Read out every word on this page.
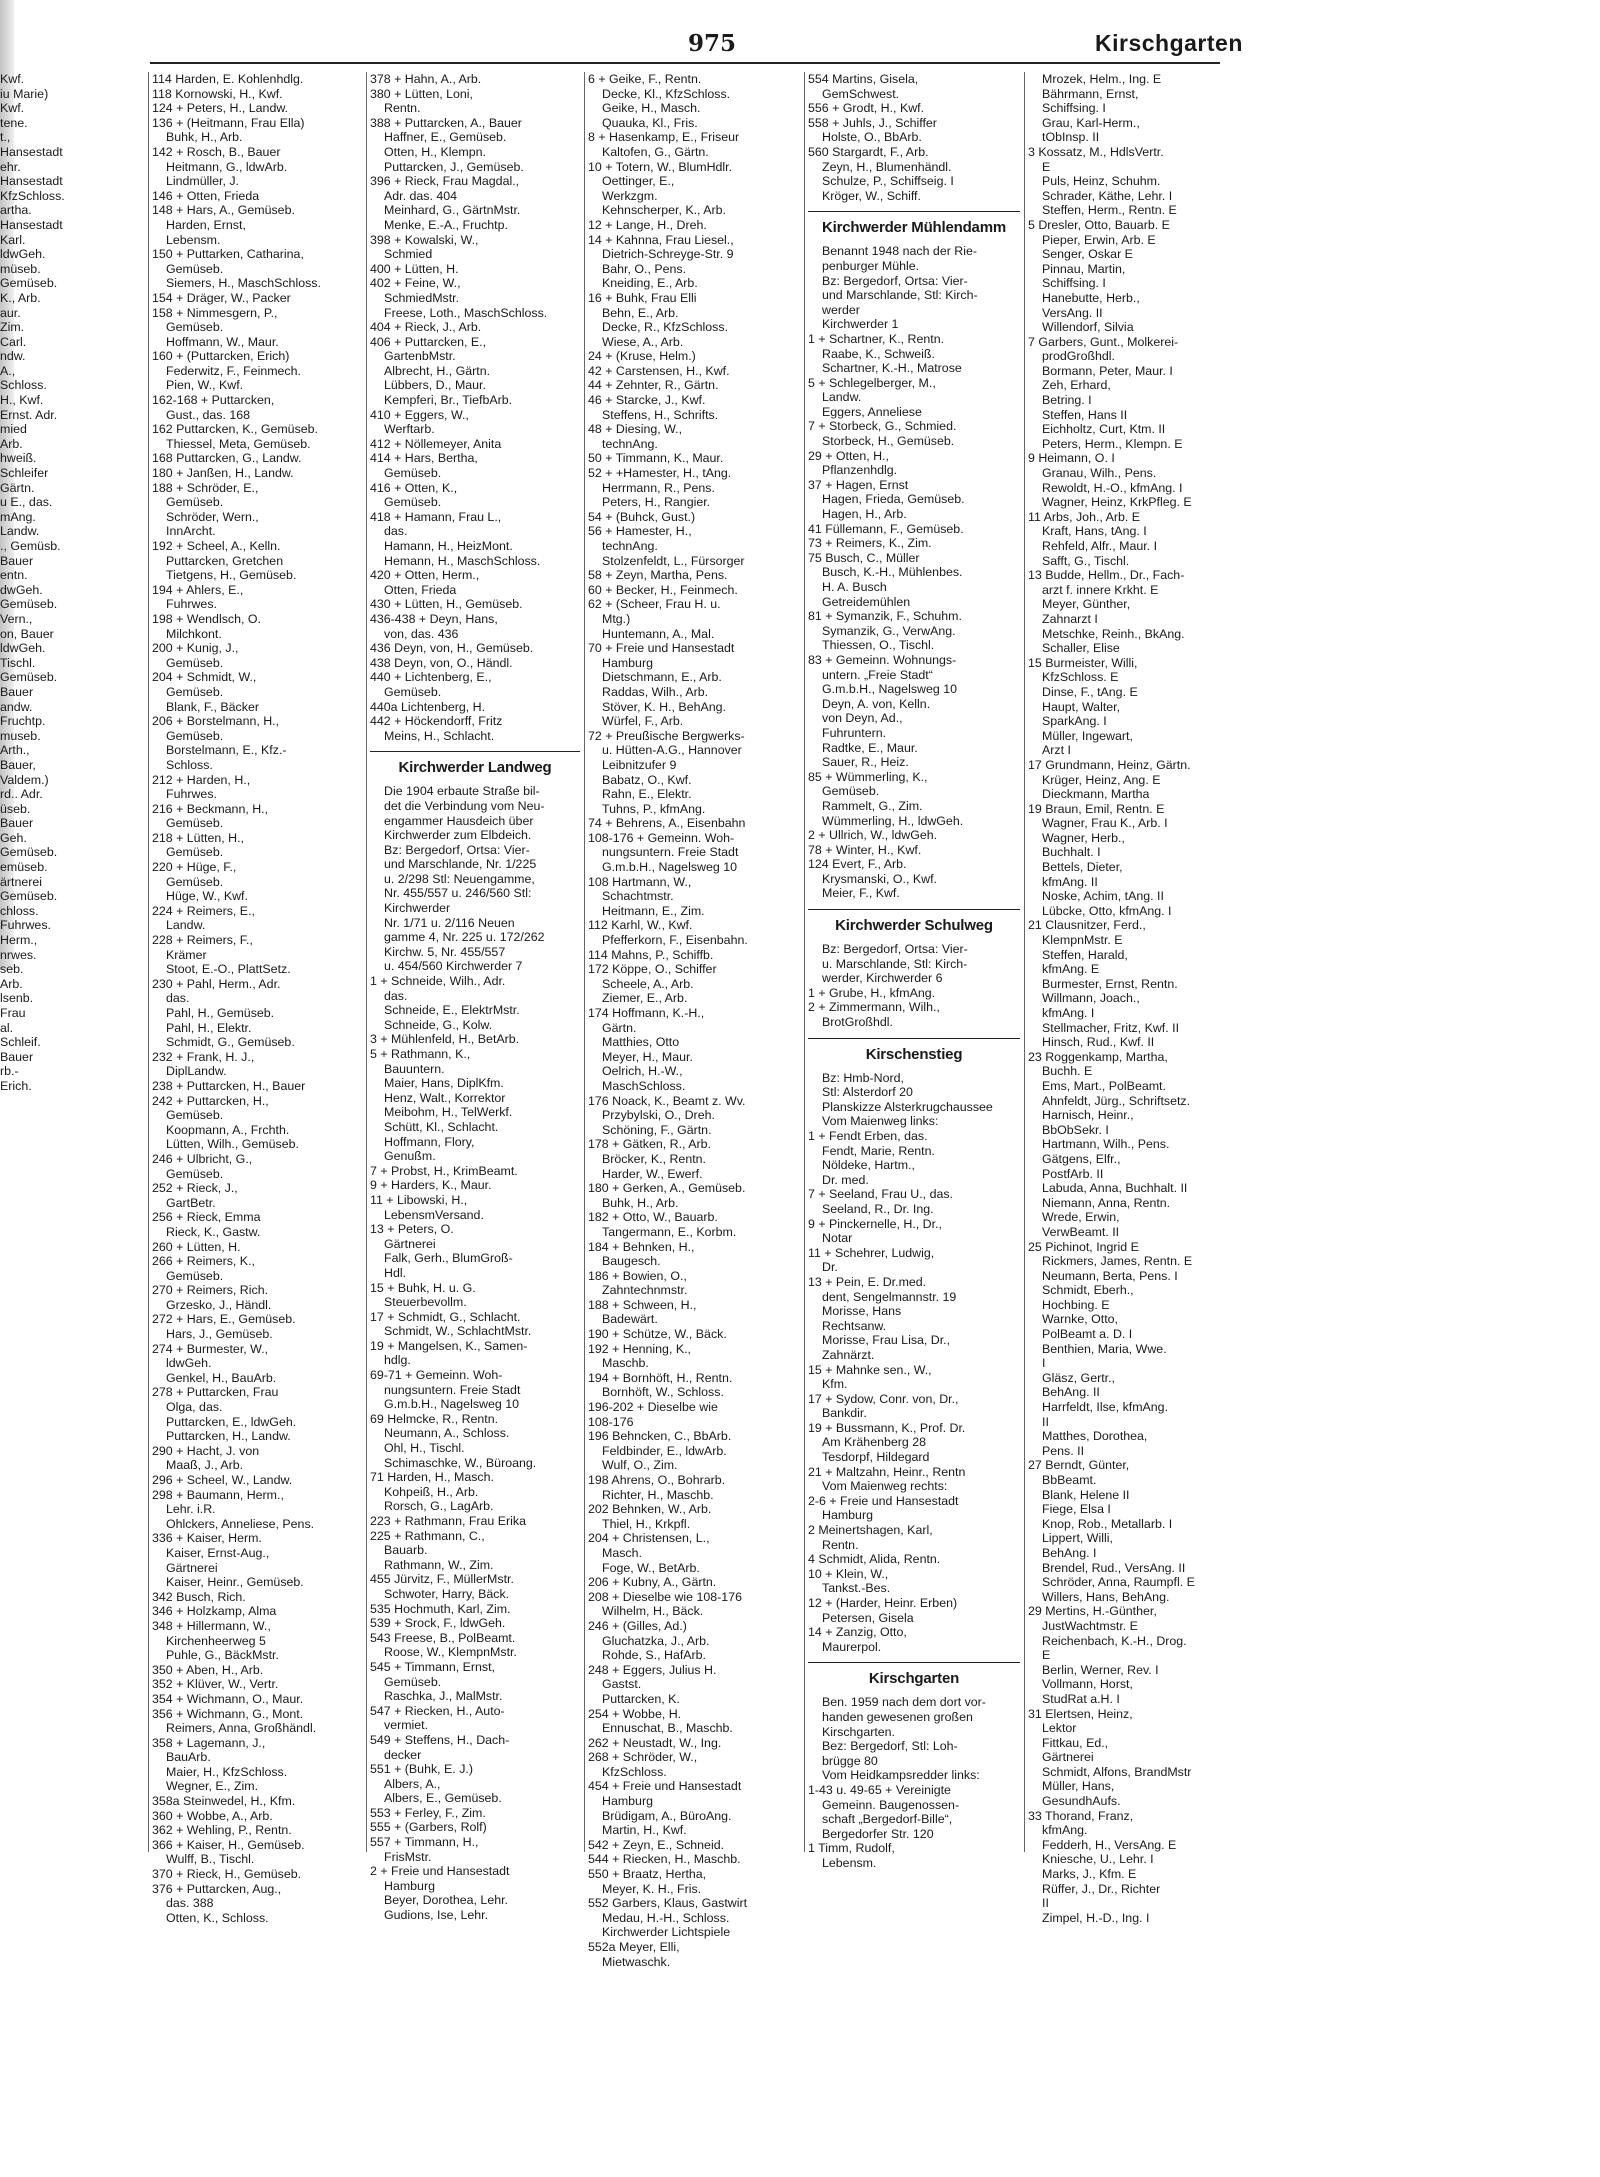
975	Kirschgarten
Kwf.
iu Marie)
Kwf.
tene.
t.,
Hansestadt
ehr.
Hansestadt
KfzSchloss.
artha.
Hansestadt
Karl.
ldwGeh.
müseb.
Gemüseb.
K., Arb.
aur.
Zim.
Carl.
ndw.
A.,
Schloss.
H., Kwf.
Ernst. Adr.
mied
Arb.
hweiß.
Schleifer
Gärtn.
u E., das.
mAng.
Landw.
., Gemüsb.
Bauer
entn.
dwGeh.
Gemüseb.
Vern.,
on, Bauer
ldwGeh.
Tischl.
Gemüseb.
Bauer
andw.
Fruchtp.
museb.
Arth.,
Bauer,
Valdem.)
rd.. Adr.
üseb.
Bauer
Geh.
Gemüseb.
emüseb.
ärtnerei
Gemüseb.
chloss.
Fuhrwes.
Herm.,
nrwes.
seb.
Arb.
lsenb.
Frau
al.
Schleif.
Bauer
rb.-
Erich.
114 Harden, E. Kohlenhdlg.
118 Kornowski, H., Kwf.
124 + Peters, H., Landw.
136 + (Heitmann, Frau Ella)
Buhk, H., Arb.
142 + Rosch, B., Bauer
Heitmann, G., ldwArb.
Lindmüller, J.
146 + Otten, Frieda
148 + Hars, A., Gemüseb.
Harden, Ernst,
Lebensm.
150 + Puttarken, Catharina,
Gemüseb.
Siemers, H., MaschSchloss.
154 + Dräger, W., Packer
158 + Nimmesgern, P.,
Gemüseb.
Hoffmann, W., Maur.
160 + (Puttarcken, Erich)
Federwitz, F., Feinmech.
Pien, W., Kwf.
162-168 + Puttarcken,
Gust., das. 168
162 Puttarcken, K., Gemüseb.
Thiessel, Meta, Gemüseb.
168 Puttarcken, G., Landw.
180 + Janßen, H., Landw.
188 + Schröder, E.,
Gemüseb.
Schröder, Wern.,
InnArcht.
192 + Scheel, A., Kelln.
Puttarcken, Gretchen
Tietgens, H., Gemüseb.
194 + Ahlers, E.,
Fuhrwes.
198 + Wendlsch, O.
Milchkont.
200 + Kunig, J.,
Gemüseb.
204 + Schmidt, W.,
Gemüseb.
Blank, F., Bäcker
206 + Borstelmann, H.,
Gemüseb.
Borstelmann, E., Kfz.-
Schloss.
212 + Harden, H.,
Fuhrwes.
216 + Beckmann, H.,
Gemüseb.
218 + Lütten, H.,
Gemüseb.
220 + Hüge, F.,
Gemüseb.
Hüge, W., Kwf.
224 + Reimers, E.,
Landw.
228 + Reimers, F.,
Krämer
Stoot, E.-O., PlattSetz.
230 + Pahl, Herm., Adr.
das.
Pahl, H., Gemüseb.
Pahl, H., Elektr.
Schmidt, G., Gemüseb.
232 + Frank, H. J.,
DiplLandw.
238 + Puttarcken, H., Bauer
242 + Puttarcken, H.,
Gemüseb.
Koopmann, A., Frchth.
Lütten, Wilh., Gemüseb.
246 + Ulbricht, G.,
Gemüseb.
252 + Rieck, J.,
GartBetr.
256 + Rieck, Emma
Rieck, K., Gastw.
260 + Lütten, H.
266 + Reimers, K.,
Gemüseb.
270 + Reimers, Rich.
Grzesko, J., Händl.
272 + Hars, E., Gemüseb.
Hars, J., Gemüseb.
274 + Burmester, W.,
ldwGeh.
Genkel, H., BauArb.
278 + Puttarcken, Frau
Olga, das.
Puttarcken, E., ldwGeh.
Puttarcken, H., Landw.
290 + Hacht, J. von
Maaß, J., Arb.
296 + Scheel, W., Landw.
298 + Baumann, Herm.,
Lehr. i.R.
Ohlckers, Anneliese, Pens.
336 + Kaiser, Herm.
Kaiser, Ernst-Aug.,
Gärtnerei
Kaiser, Heinr., Gemüseb.
342 Busch, Rich.
346 + Holzkamp, Alma
348 + Hillermann, W.,
Kirchenheerweg 5
Puhle, G., BäckMstr.
350 + Aben, H., Arb.
352 + Klüver, W., Vertr.
354 + Wichmann, O., Maur.
356 + Wichmann, G., Mont.
Reimers, Anna, Großhändl.
358 + Lagemann, J.,
BauArb.
Maier, H., KfzSchloss.
Wegner, E., Zim.
358a Steinwedel, H., Kfm.
360 + Wobbe, A., Arb.
362 + Wehling, P., Rentn.
366 + Kaiser, H., Gemüseb.
Wulff, B., Tischl.
370 + Rieck, H., Gemüseb.
376 + Puttarcken, Aug.,
das. 388
Otten, K., Schloss.
378 + Hahn, A., Arb.
380 + Lütten, Loni,
Rentn.
388 + Puttarcken, A., Bauer
Haffner, E., Gemüseb.
Otten, H., Klempn.
Puttarcken, J., Gemüseb.
396 + Rieck, Frau Magdal.,
Adr. das. 404
Meinhard, G., GärtnMstr.
Menke, E.-A., Fruchtp.
398 + Kowalski, W.,
Schmied
400 + Lütten, H.
402 + Feine, W.,
SchmiedMstr.
Freese, Loth., MaschSchloss.
404 + Rieck, J., Arb.
406 + Puttarcken, E.,
GartenbMstr.
Albrecht, H., Gärtn.
Lübbers, D., Maur.
Kempferi, Br., TiefbArb.
410 + Eggers, W.,
Werftarb.
412 + Nöllemeyer, Anita
414 + Hars, Bertha,
Gemüseb.
416 + Otten, K.,
Gemüseb.
418 + Hamann, Frau L.,
das.
Hamann, H., HeizMont.
Hemann, H., MaschSchloss.
420 + Otten, Herm.,
Otten, Frieda
430 + Lütten, H., Gemüseb.
436-438 + Deyn, Hans,
von, das. 436
436 Deyn, von, H., Gemüseb.
438 Deyn, von, O., Händl.
440 + Lichtenberg, E.,
Gemüseb.
440a Lichtenberg, H.
442 + Höckendorff, Fritz
Meins, H., Schlacht.
Kirchwerder Landweg
Die 1904 erbaute Straße bil-
det die Verbindung vom Neu-
engammer Hausdeich über
Kirchwerder zum Elbdeich.
Bz: Bergedorf, Ortsa: Vier-
und Marschlande, Nr. 1/225
u. 2/298 Stl: Neuengamme,
Nr. 455/557 u. 246/560 Stl:
Kirchwerder
Nr. 1/71 u. 2/116 Neuen
gamme 4, Nr. 225 u. 172/262
Kirchw. 5, Nr. 455/557
u. 454/560 Kirchwerder 7
1 + Schneide, Wilh., Adr.
das.
Schneide, E., ElektrMstr.
Schneide, G., Kolw.
3 + Mühlenfeld, H., BetArb.
5 + Rathmann, K.,
Bauuntern.
Maier, Hans, DiplKfm.
Henz, Walt., Korrektor
Meibohm, H., TelWerkf.
Schütt, Kl., Schlacht.
Hoffmann, Flory,
Genußm.
7 + Probst, H., KrimBeamt.
9 + Harders, K., Maur.
11 + Libowski, H.,
LebensmVersand.
13 + Peters, O.
Gärtnerei
Falk, Gerh., BlumGroß-
Hdl.
15 + Buhk, H. u. G.
Steuerbevollm.
17 + Schmidt, G., Schlacht.
Schmidt, W., SchlachtMstr.
19 + Mangelsen, K., Samen-
hdlg.
69-71 + Gemeinn. Woh-
nungsuntern. Freie Stadt
G.m.b.H., Nagelsweg 10
69 Helmcke, R., Rentn.
Neumann, A., Schloss.
Ohl, H., Tischl.
Schimaschke, W., Büroang.
71 Harden, H., Masch.
Kohpeiß, H., Arb.
Rorsch, G., LagArb.
223 + Rathmann, Frau Erika
225 + Rathmann, C.,
Bauarb.
Rathmann, W., Zim.
455 Jürvitz, F., MüllerMstr.
Schwoter, Harry, Bäck.
535 Hochmuth, Karl, Zim.
539 + Srock, F., ldwGeh.
543 Freese, B., PolBeamt.
Roose, W., KlempnMstr.
545 + Timmann, Ernst,
Gemüseb.
Raschka, J., MalMstr.
547 + Riecken, H., Auto-
vermiet.
549 + Steffens, H., Dach-
decker
551 + (Buhk, E. J.)
Albers, A.,
Albers, E., Gemüseb.
553 + Ferley, F., Zim.
555 + (Garbers, Rolf)
557 + Timmann, H.,
FrisMstr.
2 + Freie und Hansestadt
Hamburg
Beyer, Dorothea, Lehr.
Gudions, Ise, Lehr.
6 + Geike, F., Rentn.
Decke, Kl., KfzSchloss.
Geike, H., Masch.
Quauka, Kl., Fris.
8 + Hasenkamp, E., Friseur
Kaltofen, G., Gärtn.
10 + Totern, W., BlumHdlr.
Oettinger, E.,
Werkzgm.
Kehnscherper, K., Arb.
12 + Lange, H., Dreh.
14 + Kahnna, Frau Liesel.,
Dietrich-Schreyge-Str. 9
Bahr, O., Pens.
Kneiding, E., Arb.
16 + Buhk, Frau Elli
Behn, E., Arb.
Decke, R., KfzSchloss.
Wiese, A., Arb.
24 + (Kruse, Helm.)
42 + Carstensen, H., Kwf.
44 + Zehnter, R., Gärtn.
46 + Starcke, J., Kwf.
Steffens, H., Schrifts.
48 + Diesing, W.,
technAng.
50 + Timmann, K., Maur.
52 + +Hamester, H., tAng.
Herrmann, R., Pens.
Peters, H., Rangier.
54 + (Buhck, Gust.)
56 + Hamester, H.,
technAng.
Stolzenfeldt, L., Fürsorger
58 + Zeyn, Martha, Pens.
60 + Becker, H., Feinmech.
62 + (Scheer, Frau H. u.
Mtg.)
Huntemann, A., Mal.
70 + Freie und Hansestadt
Hamburg
Dietschmann, E., Arb.
Raddas, Wilh., Arb.
Stöver, K. H., BehAng.
Würfel, F., Arb.
72 + Preußische Bergwerks-
u. Hütten-A.G., Hannover
Leibnitzufer 9
Babatz, O., Kwf.
Rahn, E., Elektr.
Tuhns, P., kfmAng.
74 + Behrens, A., Eisenbahn
108-176 + Gemeinn. Woh-
nungsuntern. Freie Stadt
G.m.b.H., Nagelsweg 10
108 Hartmann, W.,
Schachtmstr.
Heitmann, E., Zim.
112 Karhl, W., Kwf.
Pfefferkorn, F., Eisenbahn.
114 Mahns, P., Schiffb.
172 Köppe, O., Schiffer
Scheele, A., Arb.
Ziemer, E., Arb.
174 Hoffmann, K.-H.,
Gärtn.
Matthies, Otto
Meyer, H., Maur.
Oelrich, H.-W.,
MaschSchloss.
176 Noack, K., Beamt z. Wv.
Przybylski, O., Dreh.
Schöning, F., Gärtn.
178 + Gätken, R., Arb.
Bröcker, K., Rentn.
Harder, W., Ewerf.
180 + Gerken, A., Gemüseb.
Buhk, H., Arb.
182 + Otto, W., Bauarb.
Tangermann, E., Korbm.
184 + Behnken, H.,
Baugesch.
186 + Bowien, O.,
Zahntechnmstr.
188 + Schween, H.,
Badewärt.
190 + Schütze, W., Bäck.
192 + Henning, K.,
Maschb.
194 + Bornhöft, H., Rentn.
Bornhöft, W., Schloss.
196-202 + Dieselbe wie
108-176
196 Behncken, C., BbArb.
Feldbinder, E., ldwArb.
Wulf, O., Zim.
198 Ahrens, O., Bohrarb.
Richter, H., Maschb.
202 Behnken, W., Arb.
Thiel, H., Krkpfl.
204 + Christensen, L.,
Masch.
Foge, W., BetArb.
206 + Kubny, A., Gärtn.
208 + Dieselbe wie 108-176
Wilhelm, H., Bäck.
246 + (Gilles, Ad.)
Gluchatzka, J., Arb.
Rohde, S., HafArb.
248 + Eggers, Julius H.
Gastst.
Puttarcken, K.
254 + Wobbe, H.
Ennuschat, B., Maschb.
262 + Neustadt, W., Ing.
268 + Schröder, W.,
KfzSchloss.
454 + Freie und Hansestadt
Hamburg
Brüdigam, A., BüroAng.
Martin, H., Kwf.
542 + Zeyn, E., Schneid.
544 + Riecken, H., Maschb.
550 + Braatz, Hertha,
Meyer, K. H., Fris.
552 Garbers, Klaus, Gastwirt
Medau, H.-H., Schloss.
Kirchwerder Lichtspiele
552a Meyer, Elli,
Mietwaschk.
554 Martins, Gisela,
GemSchwest.
556 + Grodt, H., Kwf.
558 + Juhls, J., Schiffer
Holste, O., BbArb.
560 Stargardt, F., Arb.
Zeyn, H., Blumenhändl.
Schulze, P., Schiffseig. I
Kröger, W., Schiff.
Kirchwerder Mühlendamm
Benannt 1948 nach der Rie-
penburger Mühle.
Bz: Bergedorf, Ortsa: Vier-
und Marschlande, Stl: Kirch-
werder
Kirchwerder 1
1 + Schartner, K., Rentn.
Raabe, K., Schweiß.
Schartner, K.-H., Matrose
5 + Schlegelberger, M.,
Landw.
Eggers, Anneliese
7 + Storbeck, G., Schmied.
Storbeck, H., Gemüseb.
29 + Otten, H.,
Pflanzenhdlg.
37 + Hagen, Ernst
Hagen, Frieda, Gemüseb.
Hagen, H., Arb.
41 Füllemann, F., Gemüseb.
73 + Reimers, K., Zim.
75 Busch, C., Müller
Busch, K.-H., Mühlenbes.
H. A. Busch
Getreidemühlen
81 + Symanzik, F., Schuhm.
Symanzik, G., VerwAng.
Thiessen, O., Tischl.
83 + Gemeinn. Wohnungs-
untern. „Freie Stadt“
G.m.b.H., Nagelsweg 10
Deyn, A. von, Kelln.
von Deyn, Ad.,
Fuhruntern.
Radtke, E., Maur.
Sauer, R., Heiz.
85 + Wümmerling, K.,
Gemüseb.
Rammelt, G., Zim.
Wümmerling, H., ldwGeh.
2 + Ullrich, W., ldwGeh.
78 + Winter, H., Kwf.
124 Evert, F., Arb.
Krysmanski, O., Kwf.
Meier, F., Kwf.
Kirchwerder Schulweg
Bz: Bergedorf, Ortsa: Vier-
u. Marschlande, Stl: Kirch-
werder, Kirchwerder 6
1 + Grube, H., kfmAng.
2 + Zimmermann, Wilh.,
BrotGroßhdl.
Kirschenstieg
Bz: Hmb-Nord,
Stl: Alsterdorf 20
Planskizze Alsterkrugchaussee
Vom Maienweg links:
1 + Fendt Erben, das.
Fendt, Marie, Rentn.
Nöldeke, Hartm.,
Dr. med.
7 + Seeland, Frau U., das.
Seeland, R., Dr. Ing.
9 + Pinckernelle, H., Dr.,
Notar
11 + Schehrer, Ludwig,
Dr.
13 + Pein, E. Dr.med.
dent, Sengelmannstr. 19
Morisse, Hans
Rechtsanw.
Morisse, Frau Lisa, Dr.,
Zahnärzt.
15 + Mahnke sen., W.,
Kfm.
17 + Sydow, Conr. von, Dr.,
Bankdir.
19 + Bussmann, K., Prof. Dr.
Am Krähenberg 28
Tesdorpf, Hildegard
21 + Maltzahn, Heinr., Rentn
Vom Maienweg rechts:
2-6 + Freie und Hansestadt
Hamburg
2 Meinertshagen, Karl,
Rentn.
4 Schmidt, Alida, Rentn.
10 + Klein, W.,
Tankst.-Bes.
12 + (Harder, Heinr. Erben)
Petersen, Gisela
14 + Zanzig, Otto,
Maurerpol.
Kirschgarten
Ben. 1959 nach dem dort vor-
handen gewesenen großen
Kirschgarten.
Bez: Bergedorf, Stl: Loh-
brügge 80
Vom Heidkampsredder links:
1-43 u. 49-65 + Vereinigte
Gemeinn. Baugenossen-
schaft „Bergedorf-Bille“,
Bergedorfer Str. 120
1 Timm, Rudolf,
Lebensm.
Mrozek, Helm., Ing. E
Bährmann, Ernst,
Schiffsing. I
Grau, Karl-Herm.,
tObInsp. II
3 Kossatz, M., HdlsVertr.
E
Puls, Heinz, Schuhm.
Schrader, Käthe, Lehr. I
Steffen, Herm., Rentn. E
5 Dresler, Otto, Bauarb. E
Pieper, Erwin, Arb. E
Senger, Oskar E
Pinnau, Martin,
Schiffsing. I
Hanebutte, Herb.,
VersAng. II
Willendorf, Silvia
7 Garbers, Gunt., Molkerei-
prodGroßhdl.
Bormann, Peter, Maur. I
Zeh, Erhard,
Betring. I
Steffen, Hans II
Eichholtz, Curt, Ktm. II
Peters, Herm., Klempn. E
9 Heimann, O. I
Granau, Wilh., Pens.
Rewoldt, H.-O., kfmAng. I
Wagner, Heinz, KrkPfleg. E
11 Arbs, Joh., Arb. E
Kraft, Hans, tAng. I
Rehfeld, Alfr., Maur. I
Safft, G., Tischl.
13 Budde, Hellm., Dr., Fach-
arzt f. innere Krkht. E
Meyer, Günther,
Zahnarzt I
Metschke, Reinh., BkAng.
Schaller, Elise
15 Burmeister, Willi,
KfzSchloss. E
Dinse, F., tAng. E
Haupt, Walter,
SparkAng. I
Müller, Ingewart,
Arzt I
17 Grundmann, Heinz, Gärtn.
Krüger, Heinz, Ang. E
Dieckmann, Martha
19 Braun, Emil, Rentn. E
Wagner, Frau K., Arb. I
Wagner, Herb.,
Buchhalt. I
Bettels, Dieter,
kfmAng. II
Noske, Achim, tAng. II
Lübcke, Otto, kfmAng. I
21 Clausnitzer, Ferd.,
KlempnMstr. E
Steffen, Harald,
kfmAng. E
Burmester, Ernst, Rentn.
Willmann, Joach.,
kfmAng. I
Stellmacher, Fritz, Kwf. II
Hinsch, Rud., Kwf. II
23 Roggenkamp, Martha,
Buchh. E
Ems, Mart., PolBeamt.
Ahnfeldt, Jürg., Schriftsetz.
Harnisch, Heinr.,
BbObSekr. I
Hartmann, Wilh., Pens.
Gätgens, Elfr.,
PostfArb. II
Labuda, Anna, Buchhalt. II
Niemann, Anna, Rentn.
Wrede, Erwin,
VerwBeamt. II
25 Pichinot, Ingrid E
Rickmers, James, Rentn. E
Neumann, Berta, Pens. I
Schmidt, Eberh.,
Hochbing. E
Warnke, Otto,
PolBeamt a. D. I
Benthien, Maria, Wwe.
I
Gläsz, Gertr.,
BehAng. II
Harrfeldt, Ilse, kfmAng.
II
Matthes, Dorothea,
Pens. II
27 Berndt, Günter,
BbBeamt.
Blank, Helene II
Fiege, Elsa I
Knop, Rob., Metallarb. I
Lippert, Willi,
BehAng. I
Brendel, Rud., VersAng. II
Schröder, Anna, Raumpfl. E
Willers, Hans, BehAng.
29 Mertins, H.-Günther,
JustWachtmstr. E
Reichenbach, K.-H., Drog.
E
Berlin, Werner, Rev. I
Vollmann, Horst,
StudRat a.H. I
31 Elertsen, Heinz,
Lektor
Fittkau, Ed.,
Gärtnerei
Schmidt, Alfons, BrandMstr
Müller, Hans,
GesundhAufs.
33 Thorand, Franz,
kfmAng.
Fedderh, H., VersAng. E
Kniesche, U., Lehr. I
Marks, J., Kfm. E
Rüffer, J., Dr., Richter
II
Zimpel, H.-D., Ing. I
